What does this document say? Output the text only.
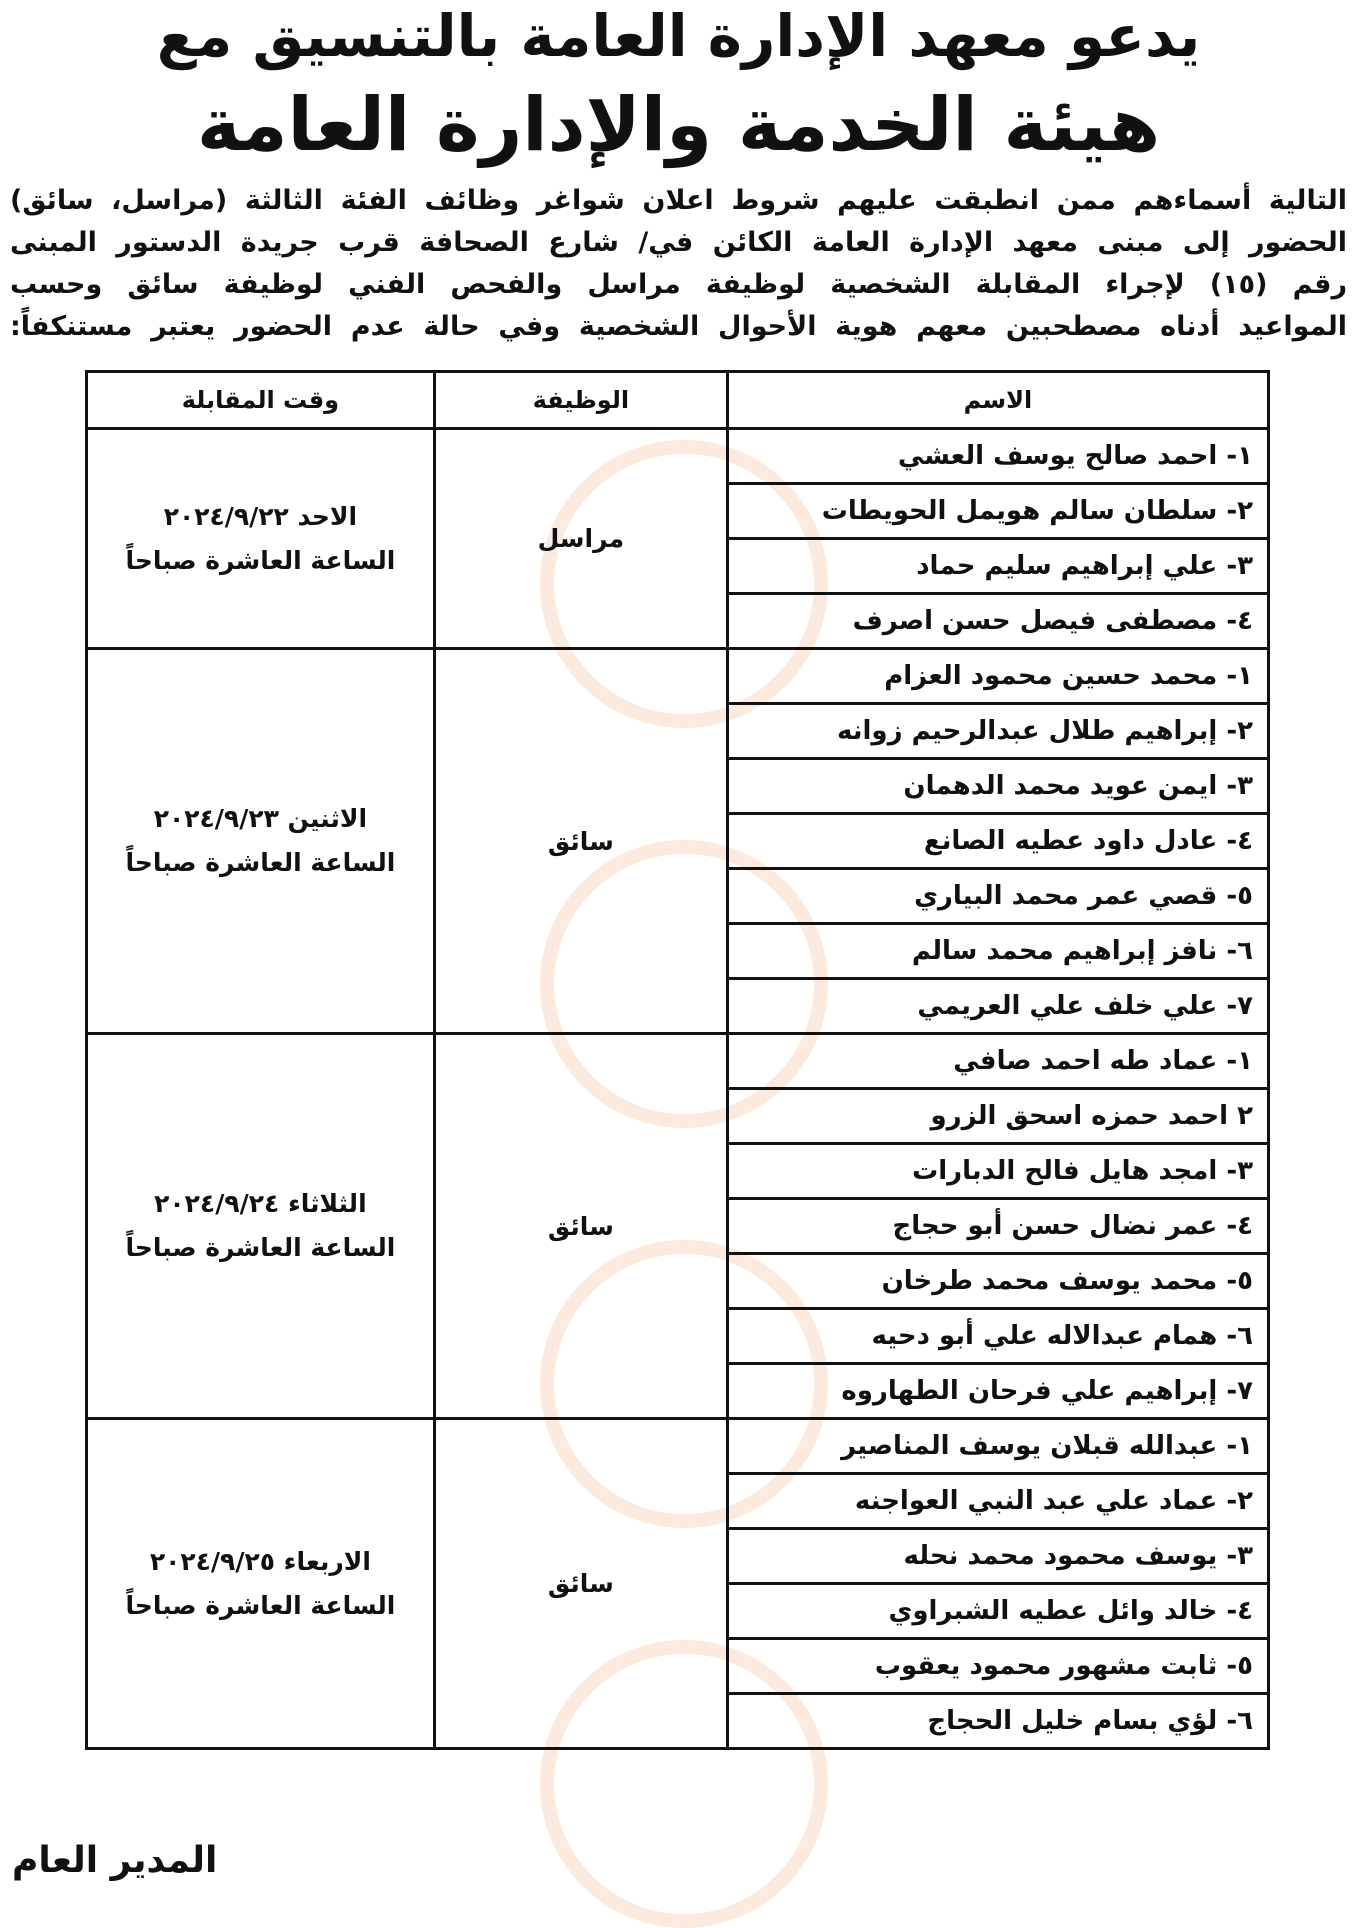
يدعو معهد الإدارة العامة بالتنسيق مع
هيئة الخدمة والإدارة العامة
التالية أسماءهم ممن انطبقت عليهم شروط اعلان شواغر وظائف الفئة الثالثة (مراسل، سائق)
الحضور إلى مبنى معهد الإدارة العامة الكائن في/ شارع الصحافة قرب جريدة الدستور المبنى
رقم (١٥) لإجراء المقابلة الشخصية لوظيفة مراسل والفحص الفني لوظيفة سائق وحسب
المواعيد أدناه مصطحبين معهم هوية الأحوال الشخصية وفي حالة عدم الحضور يعتبر مستنكفاً:
الاسم	الوظيفة	وقت المقابلة
١- احمد صالح يوسف العشي	مراسل	الاحد ٢٠٢٤/٩/٢٢
الساعة العاشرة صباحاً

٢- سلطان سالم هويمل الحويطات		
٣- علي إبراهيم سليم حماد		
٤- مصطفى فيصل حسن اصرف		
١- محمد حسين محمود العزام	سائق	الاثنين ٢٠٢٤/٩/٢٣
الساعة العاشرة صباحاً

٢- إبراهيم طلال عبدالرحيم زوانه		
٣- ايمن عويد محمد الدهمان		
٤- عادل داود عطيه الصانع		
٥- قصي عمر محمد البياري		
٦- نافز إبراهيم محمد سالم		
٧- علي خلف علي العريمي		
١- عماد طه احمد صافي	سائق	الثلاثاء ٢٠٢٤/٩/٢٤
الساعة العاشرة صباحاً

٢ احمد حمزه اسحق الزرو		
٣- امجد هايل فالح الدبارات		
٤- عمر نضال حسن أبو حجاج		
٥- محمد يوسف محمد طرخان		
٦- همام عبدالاله علي أبو دحيه		
٧- إبراهيم علي فرحان الطهاروه		
١- عبدالله قبلان يوسف المناصير	سائق	الاربعاء ٢٠٢٤/٩/٢٥
الساعة العاشرة صباحاً

٢- عماد علي عبد النبي العواجنه		
٣- يوسف محمود محمد نحله		
٤- خالد وائل عطيه الشبراوي		
٥- ثابت مشهور محمود يعقوب		
٦- لؤي بسام خليل الحجاج		
المدير العام
